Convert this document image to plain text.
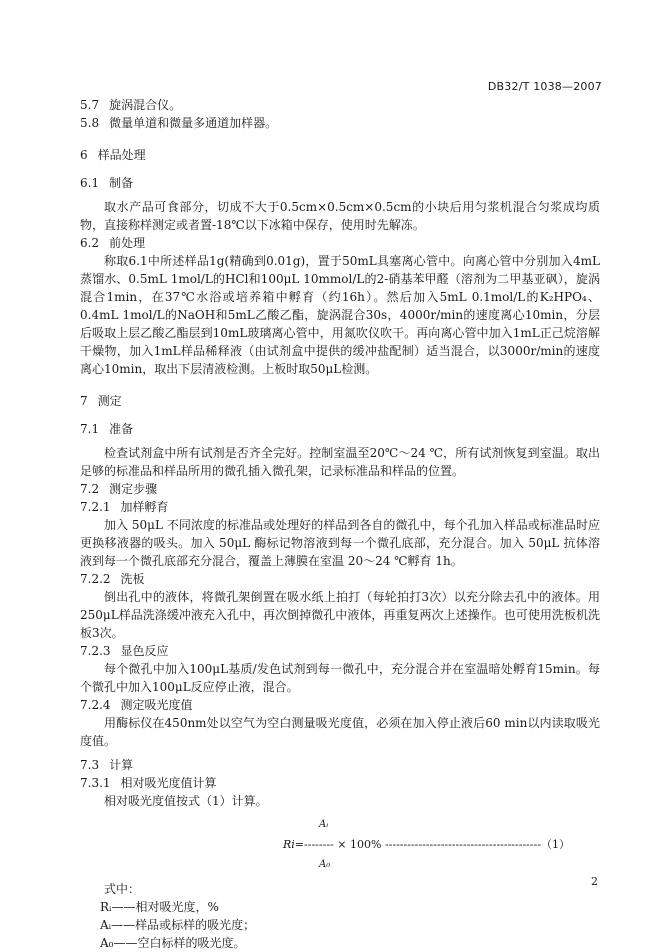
DB32/T 1038—2007

5.7 旋涡混合仪。

5.8 微量单道和微量多通道加样器。

6 样品处理

6.1 制备

取水产品可食部分，切成不大于0.5cm×0.5cm×0.5cm的小块后用匀浆机混合匀浆成均质物，直接称样测定或者置-18℃以下冰箱中保存，使用时先解冻。

6.2 前处理

称取6.1中所述样品1g(精确到0.01g)，置于50mL具塞离心管中。向离心管中分别加入4mL蒸馏水、0.5mL 1mol/L的HCl和100μL 10mmol/L的2-硝基苯甲醛（溶剂为二甲基亚砜），旋涡混合1min，在37℃水浴或培养箱中孵育（约16h）。然后加入5mL 0.1mol/L的K₂HPO₄、0.4mL 1mol/L的NaOH和5mL乙酸乙酯，旋涡混合30s，4000r/min的速度离心10min，分层后吸取上层乙酸乙酯层到10mL玻璃离心管中，用氮吹仪吹干。再向离心管中加入1mL正己烷溶解干燥物，加入1mL样品稀释液（由试剂盒中提供的缓冲盐配制）适当混合，以3000r/min的速度离心10min，取出下层清液检测。上板时取50μL检测。

7 测定

7.1 准备

检查试剂盒中所有试剂是否齐全完好。控制室温至20℃～24 ℃，所有试剂恢复到室温。取出足够的标准品和样品所用的微孔插入微孔架，记录标准品和样品的位置。

7.2 测定步骤

7.2.1 加样孵育

加入 50μL 不同浓度的标准品或处理好的样品到各自的微孔中，每个孔加入样品或标准品时应更换移液器的吸头。加入 50μL 酶标记物溶液到每一个微孔底部，充分混合。加入 50μL 抗体溶液到每一个微孔底部充分混合，覆盖上薄膜在室温 20～24 ℃孵育 1h。

7.2.2 洗板

倒出孔中的液体，将微孔架倒置在吸水纸上拍打（每轮拍打3次）以充分除去孔中的液体。用250μL样品洗涤缓冲液充入孔中，再次倒掉微孔中液体，再重复两次上述操作。也可使用洗板机洗板3次。

7.2.3 显色反应

每个微孔中加入100μL基质/发色试剂到每一微孔中，充分混合并在室温暗处孵育15min。每个微孔中加入100μL反应停止液，混合。

7.2.4 测定吸光度值

用酶标仪在450nm处以空气为空白测量吸光度值，必须在加入停止液后60 min以内读取吸光度值。

7.3 计算

7.3.1 相对吸光度值计算

相对吸光度值按式（1）计算。

Aᵢ
Ri=-------- × 100% ------------------------------------------（1）
A₀

式中：

Rᵢ——相对吸光度，%

Aᵢ——样品或标样的吸光度；

A₀——空白标样的吸光度。

2
